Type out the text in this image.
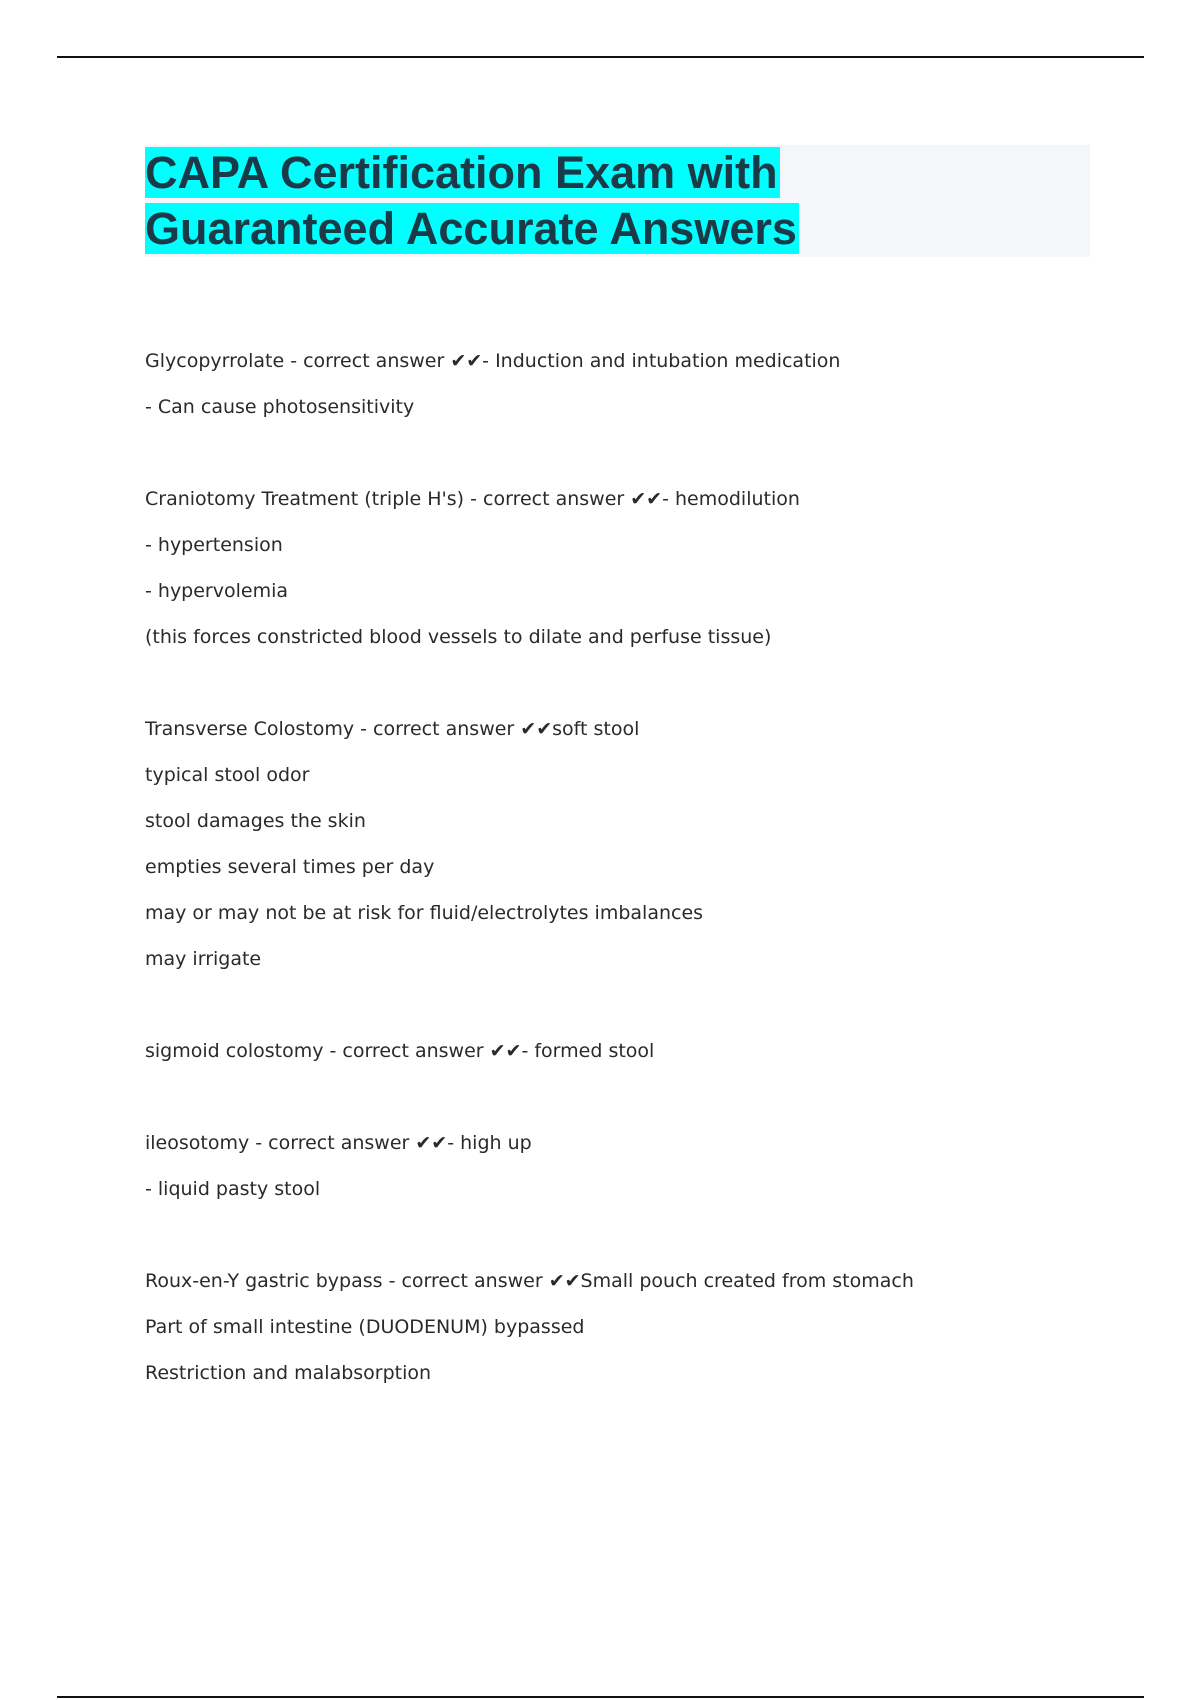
CAPA Certification Exam with
Guaranteed Accurate Answers
Glycopyrrolate - correct answer ✔✔- Induction and intubation medication
- Can cause photosensitivity
Craniotomy Treatment (triple H's) - correct answer ✔✔- hemodilution
- hypertension
- hypervolemia
(this forces constricted blood vessels to dilate and perfuse tissue)
Transverse Colostomy - correct answer ✔✔soft stool
typical stool odor
stool damages the skin
empties several times per day
may or may not be at risk for fluid/electrolytes imbalances
may irrigate
sigmoid colostomy - correct answer ✔✔- formed stool
ileosotomy - correct answer ✔✔- high up
- liquid pasty stool
Roux-en-Y gastric bypass - correct answer ✔✔Small pouch created from stomach
Part of small intestine (DUODENUM) bypassed
Restriction and malabsorption
